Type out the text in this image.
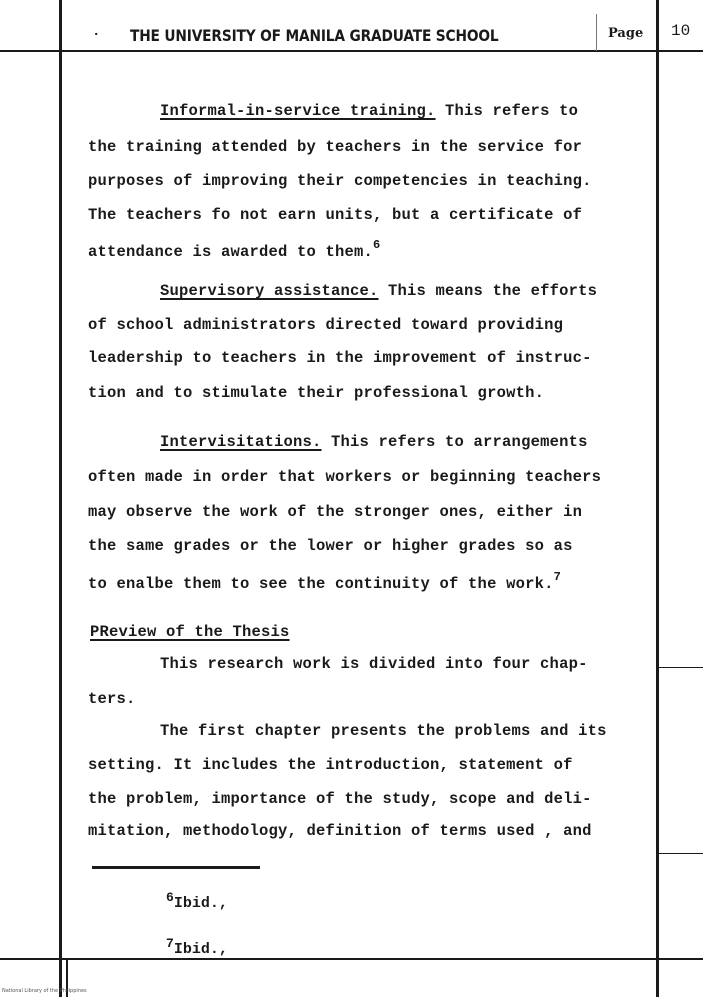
· THE UNIVERSITY OF MANILA GRADUATE SCHOOL	Page 10
Informal-in-service training. This refers to
the training attended by teachers in the service for
purposes of improving their competencies in teaching.
The teachers fo not earn units, but a certificate of
attendance is awarded to them.$^6$
Supervisory assistance. This means the efforts
of school administrators directed toward providing
leadership to teachers in the improvement of instruc-
tion and to stimulate their professional growth.
Intervisitations. This refers to arrangements
often made in order that workers or beginning teachers
may observe the work of the stronger ones, either in
the same grades or the lower or higher grades so as
to enalbe them to see the continuity of the work.$^7$
PReview of the Thesis
This research work is divided into four chap-
ters.
The first chapter presents the problems and its
setting. It includes the introduction, statement of
the problem, importance of the study, scope and deli-
mitation, methodology, definition of terms used , and
$^6$Ibid.,
$^7$Ibid.,
National Library of the Philippines
